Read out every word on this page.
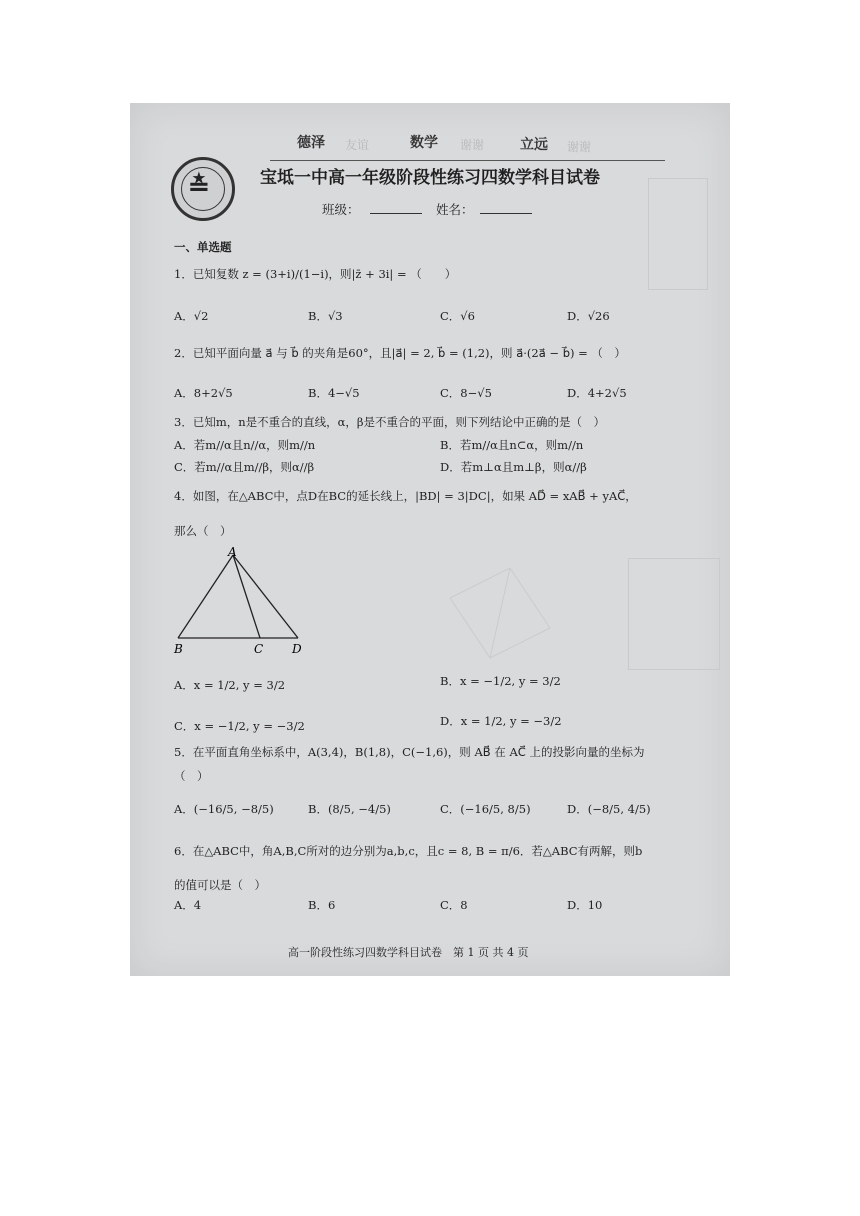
德泽 友谊	数学 谢谢	立远 谢谢
≛	宝坻一中高一年级阶段性练习四数学科目试卷
班级：	姓名：
一、单选题
1．已知复数 z = (3+i)/(1−i)，则|z̄ + 3i| = （　　）
A．√2	B．√3	C．√6	D．√26
2．已知平面向量 a⃗ 与 b⃗ 的夹角是60°，且|a⃗| = 2, b⃗ = (1,2)，则 a⃗·(2a⃗ − b⃗) = （　）
A．8+2√5	B．4−√5	C．8−√5	D．4+2√5
3．已知m，n是不重合的直线，α，β是不重合的平面，则下列结论中正确的是（　）
A．若m//α且n//α，则m//n	B．若m//α且n⊂α，则m//n
C．若m//α且m//β，则α//β	D．若m⊥α且m⊥β，则α//β
4．如图，在△ABC中，点D在BC的延长线上，|BD| = 3|DC|，如果 AD⃗ = xAB⃗ + yAC⃗，
那么（　）
A
B	C D
A．x = 1/2, y = 3/2	B．x = −1/2, y = 3/2
C．x = −1/2, y = −3/2	D．x = 1/2, y = −3/2
5．在平面直角坐标系中，A(3,4)，B(1,8)，C(−1,6)，则 AB⃗ 在 AC⃗ 上的投影向量的坐标为
（　）
A．(−16/5, −8/5)	B．(8/5, −4/5)	C．(−16/5, 8/5)	D．(−8/5, 4/5)
6．在△ABC中，角A,B,C所对的边分别为a,b,c，且c = 8, B = π/6．若△ABC有两解，则b
的值可以是（　）
A．4	B．6	C．8	D．10
高一阶段性练习四数学科目试卷　第 1 页 共 4 页
